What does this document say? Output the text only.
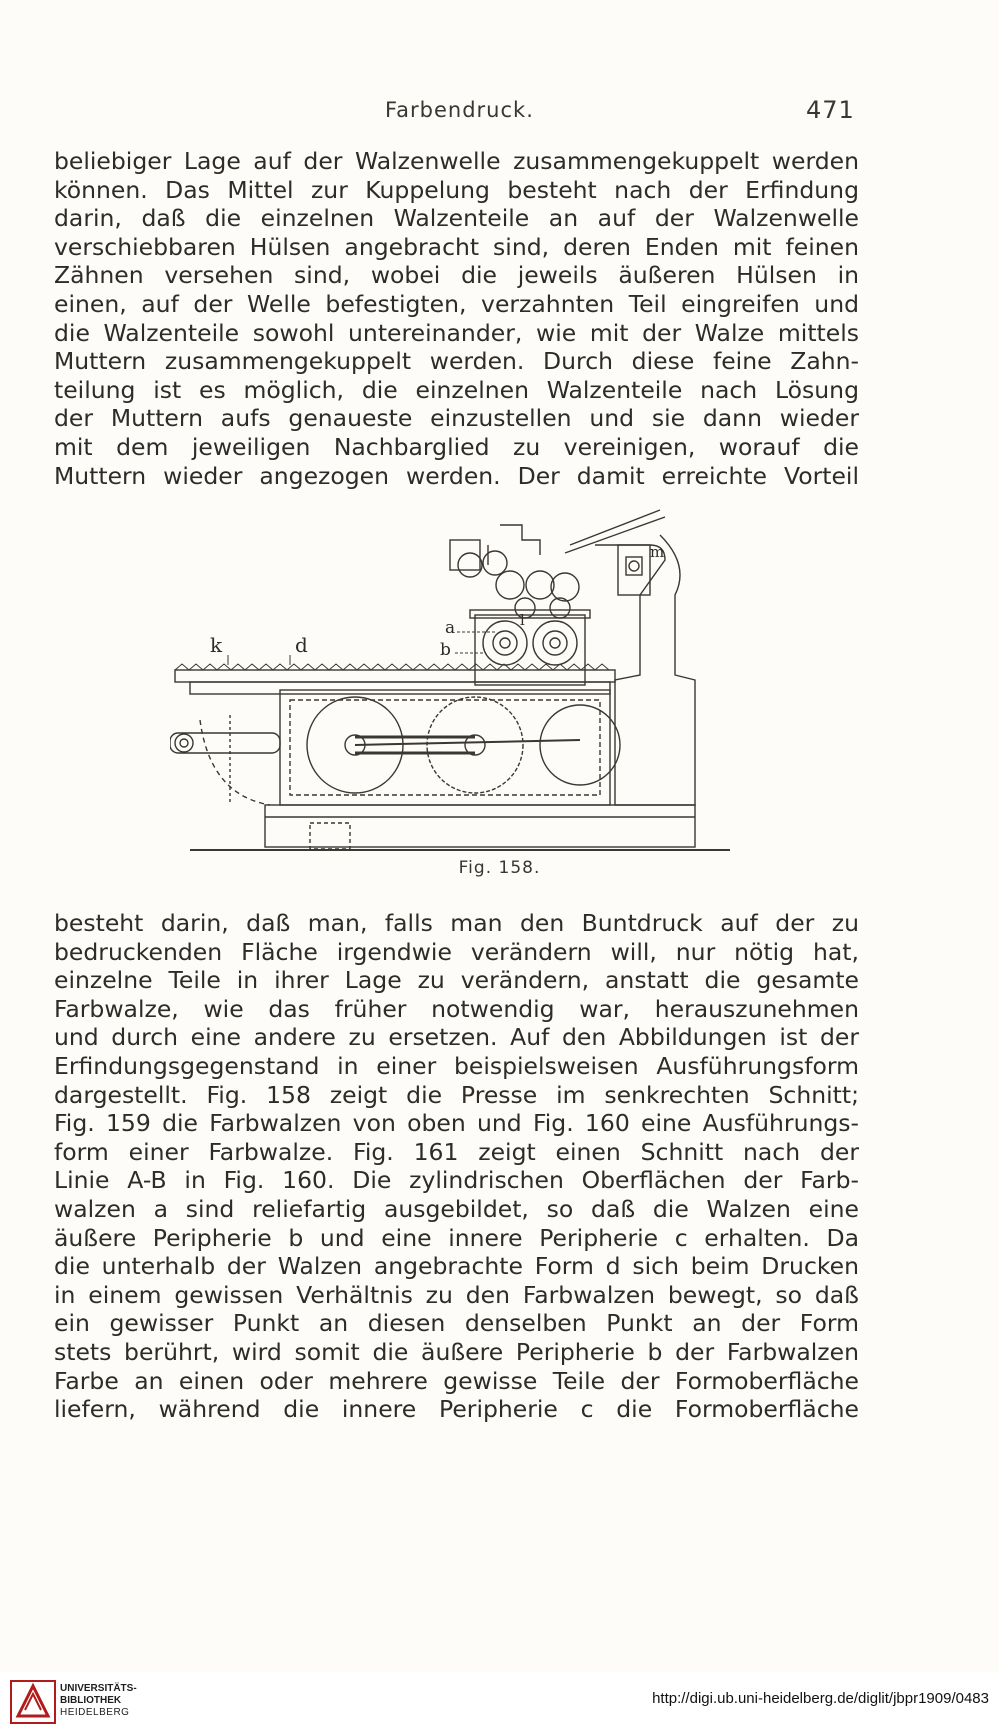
Farbendruck.	471
beliebiger Lage auf der Walzenwelle zusammengekuppelt werden
können. Das Mittel zur Kuppelung besteht nach der Erfindung
darin, daß die einzelnen Walzenteile an auf der Walzenwelle
verschiebbaren Hülsen angebracht sind, deren Enden mit feinen
Zähnen versehen sind, wobei die jeweils äußeren Hülsen in
einen, auf der Welle befestigten, verzahnten Teil eingreifen und
die Walzenteile sowohl untereinander, wie mit der Walze mittels
Muttern zusammengekuppelt werden. Durch diese feine Zahn-
teilung ist es möglich, die einzelnen Walzenteile nach Lösung
der Muttern aufs genaueste einzustellen und sie dann wieder
mit dem jeweiligen Nachbarglied zu vereinigen, worauf die
Muttern wieder angezogen werden. Der damit erreichte Vorteil
k	d	b
a	l
m
Fig. 158.
besteht darin, daß man, falls man den Buntdruck auf der zu
bedruckenden Fläche irgendwie verändern will, nur nötig hat,
einzelne Teile in ihrer Lage zu verändern, anstatt die gesamte
Farbwalze, wie das früher notwendig war, herauszunehmen
und durch eine andere zu ersetzen. Auf den Abbildungen ist der
Erfindungsgegenstand in einer beispielsweisen Ausführungsform
dargestellt. Fig. 158 zeigt die Presse im senkrechten Schnitt;
Fig. 159 die Farbwalzen von oben und Fig. 160 eine Ausführungs-
form einer Farbwalze. Fig. 161 zeigt einen Schnitt nach der
Linie A-B in Fig. 160. Die zylindrischen Oberflächen der Farb-
walzen a sind reliefartig ausgebildet, so daß die Walzen eine
äußere Peripherie b und eine innere Peripherie c erhalten. Da
die unterhalb der Walzen angebrachte Form d sich beim Drucken
in einem gewissen Verhältnis zu den Farbwalzen bewegt, so daß
ein gewisser Punkt an diesen denselben Punkt an der Form
stets berührt, wird somit die äußere Peripherie b der Farbwalzen
Farbe an einen oder mehrere gewisse Teile der Formoberfläche
liefern, während die innere Peripherie c die Formoberfläche
UNIVERSITÄTS-
BIBLIOTHEK
HEIDELBERG
http://digi.ub.uni-heidelberg.de/diglit/jbpr1909/0483
